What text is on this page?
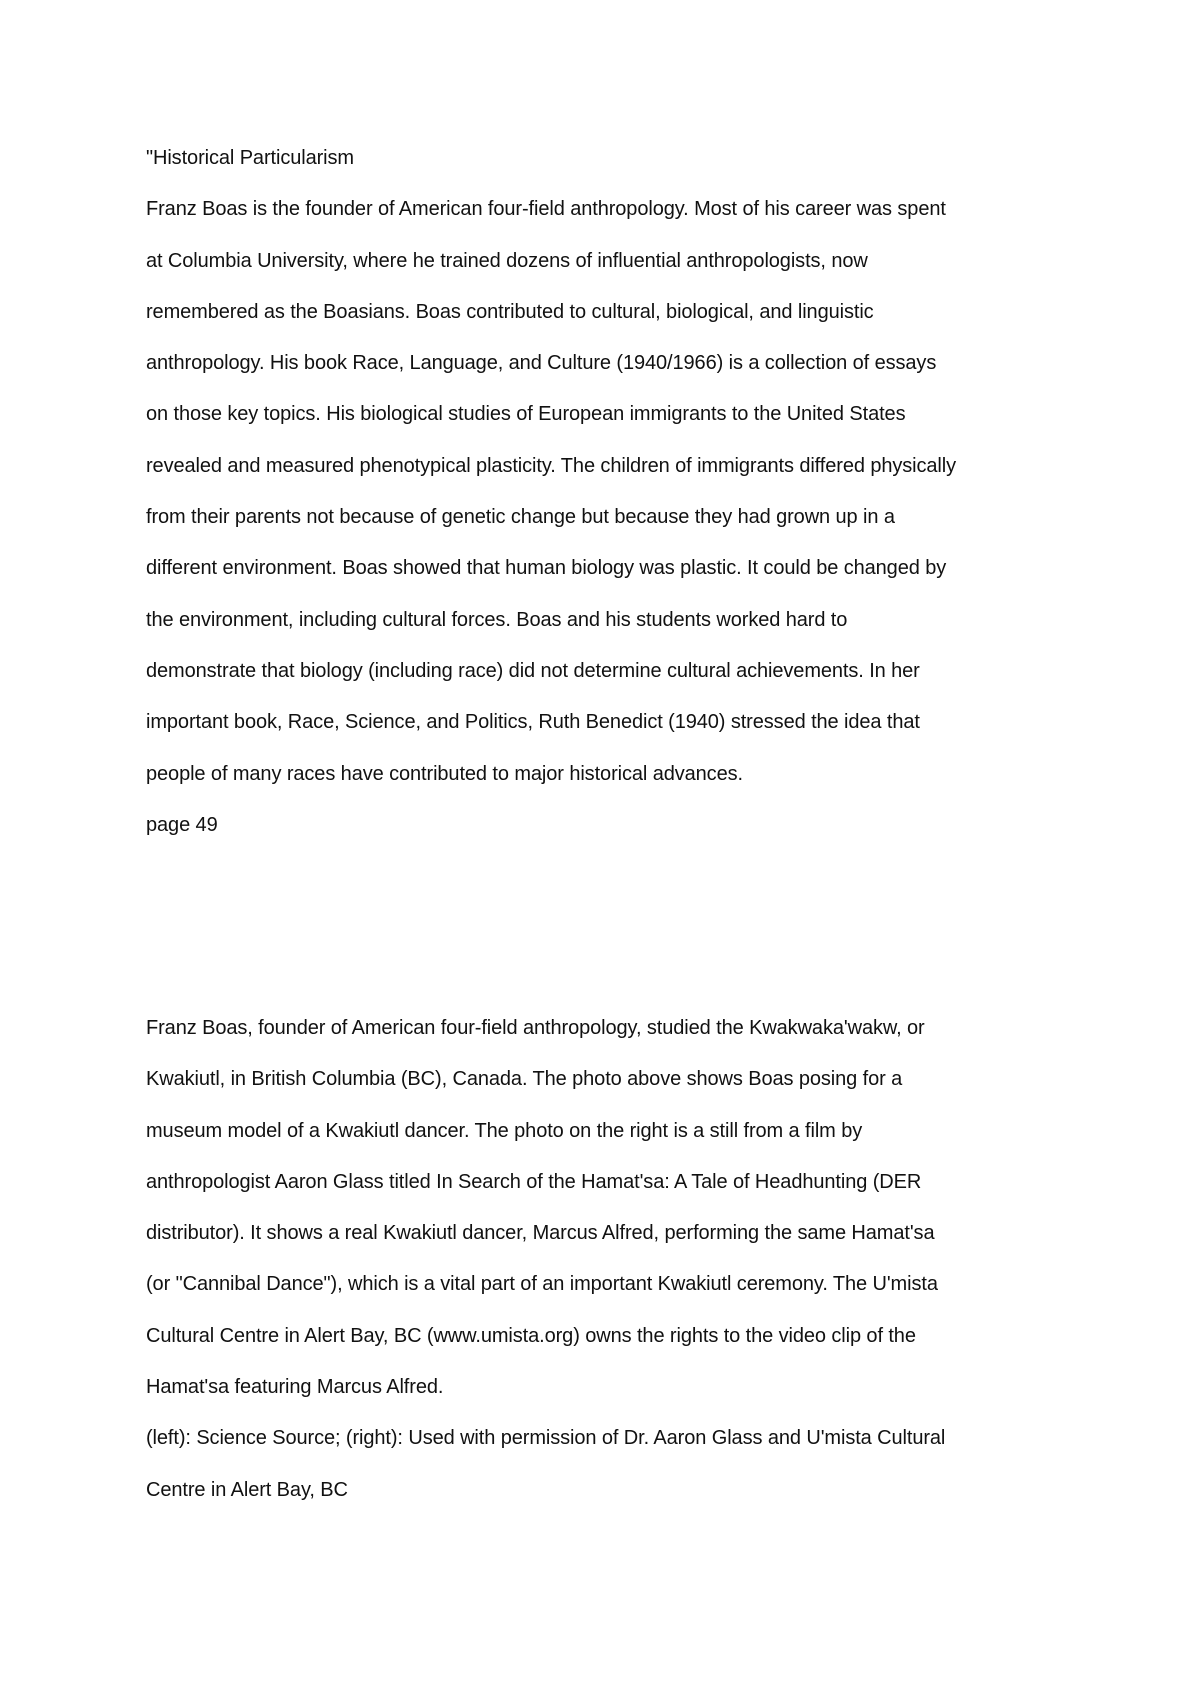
"Historical Particularism
Franz Boas is the founder of American four-field anthropology. Most of his career was spent
at Columbia University, where he trained dozens of influential anthropologists, now
remembered as the Boasians. Boas contributed to cultural, biological, and linguistic
anthropology. His book Race, Language, and Culture (1940/1966) is a collection of essays
on those key topics. His biological studies of European immigrants to the United States
revealed and measured phenotypical plasticity. The children of immigrants differed physically
from their parents not because of genetic change but because they had grown up in a
different environment. Boas showed that human biology was plastic. It could be changed by
the environment, including cultural forces. Boas and his students worked hard to
demonstrate that biology (including race) did not determine cultural achievements. In her
important book, Race, Science, and Politics, Ruth Benedict (1940) stressed the idea that
people of many races have contributed to major historical advances.
page 49
Franz Boas, founder of American four-field anthropology, studied the Kwakwaka'wakw, or
Kwakiutl, in British Columbia (BC), Canada. The photo above shows Boas posing for a
museum model of a Kwakiutl dancer. The photo on the right is a still from a film by
anthropologist Aaron Glass titled In Search of the Hamat'sa: A Tale of Headhunting (DER
distributor). It shows a real Kwakiutl dancer, Marcus Alfred, performing the same Hamat'sa
(or "Cannibal Dance"), which is a vital part of an important Kwakiutl ceremony. The U'mista
Cultural Centre in Alert Bay, BC (www.umista.org) owns the rights to the video clip of the
Hamat'sa featuring Marcus Alfred.
(left): Science Source; (right): Used with permission of Dr. Aaron Glass and U'mista Cultural
Centre in Alert Bay, BC
